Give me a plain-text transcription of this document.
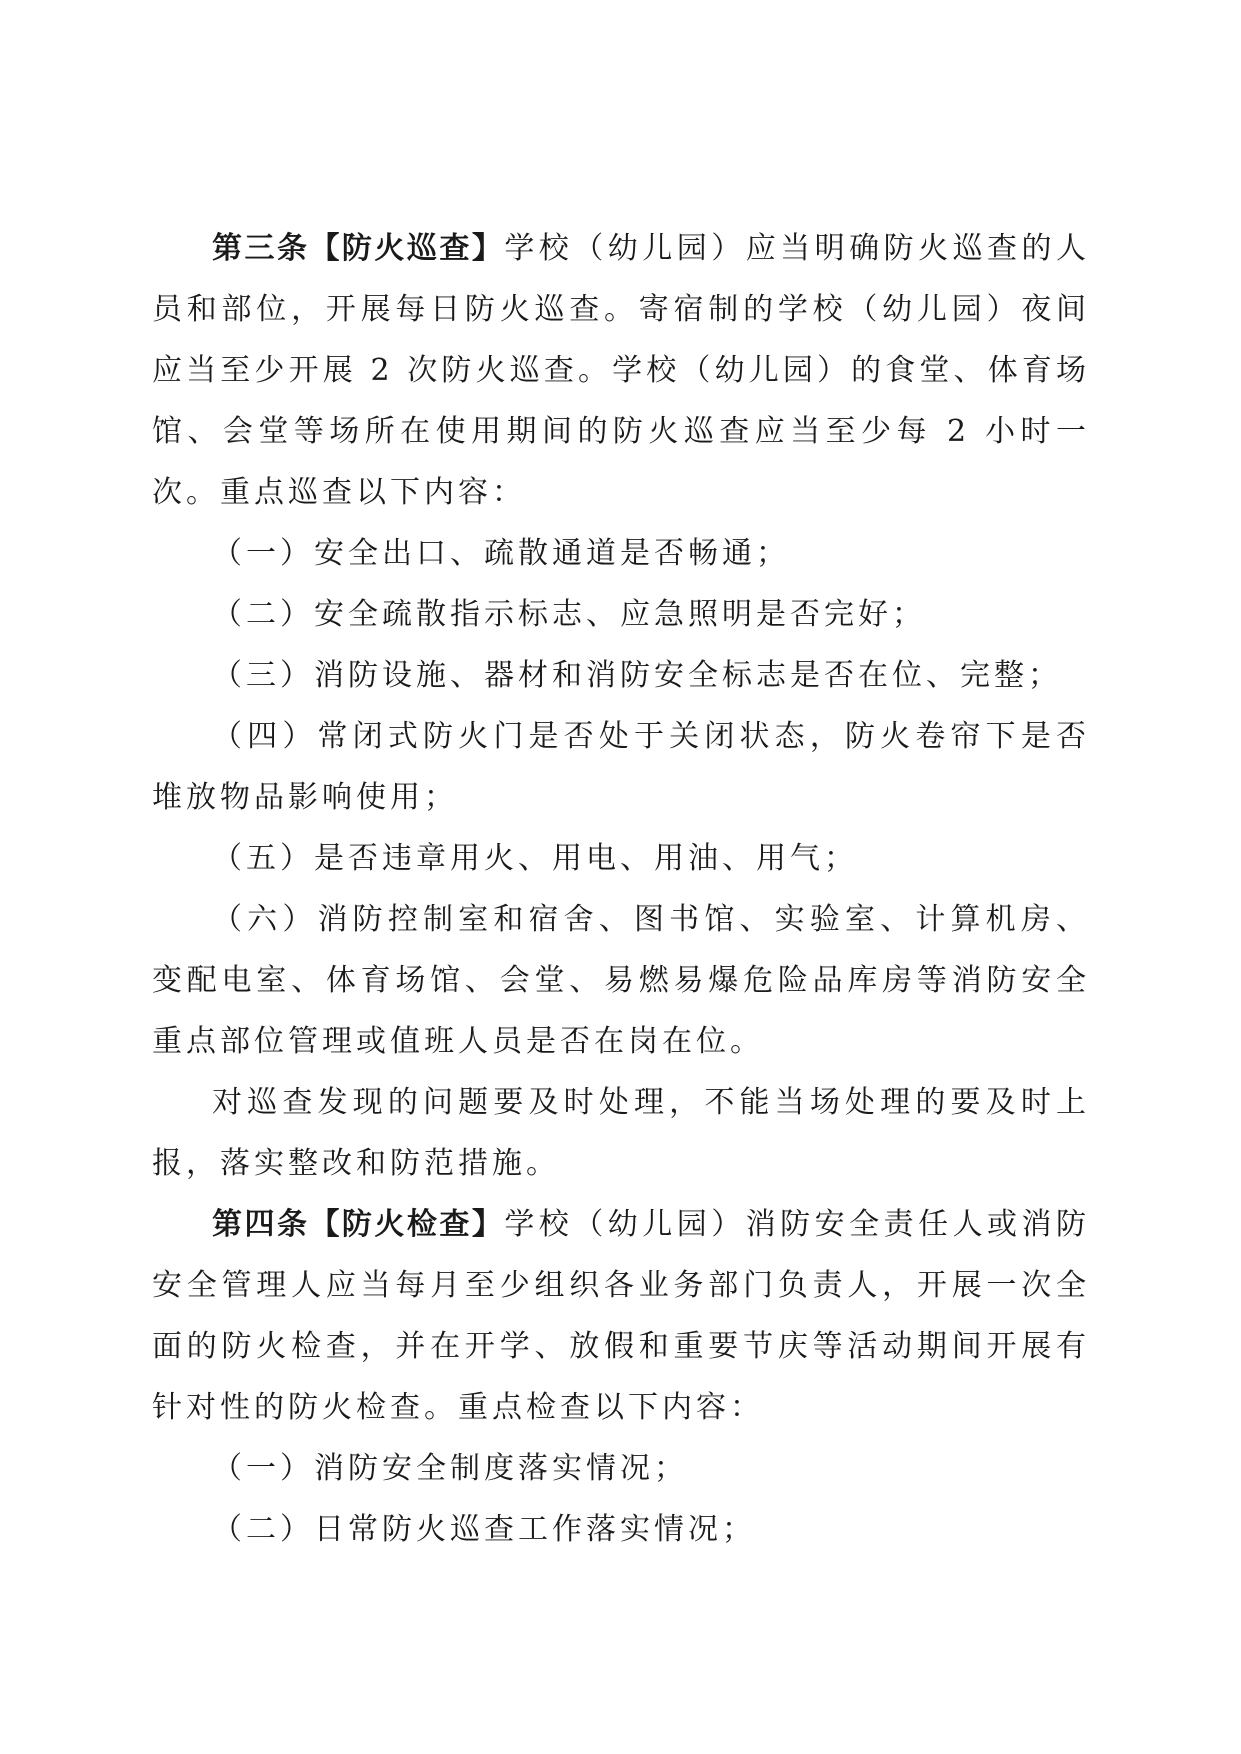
第三条【防火巡查】学校（幼儿园）应当明确防火巡查的人员和部位，开展每日防火巡查。寄宿制的学校（幼儿园）夜间应当至少开展 2 次防火巡查。学校（幼儿园）的食堂、体育场馆、会堂等场所在使用期间的防火巡查应当至少每 2 小时一次。重点巡查以下内容：

（一）安全出口、疏散通道是否畅通；

（二）安全疏散指示标志、应急照明是否完好；

（三）消防设施、器材和消防安全标志是否在位、完整；

（四）常闭式防火门是否处于关闭状态，防火卷帘下是否堆放物品影响使用；

（五）是否违章用火、用电、用油、用气；

（六）消防控制室和宿舍、图书馆、实验室、计算机房、变配电室、体育场馆、会堂、易燃易爆危险品库房等消防安全重点部位管理或值班人员是否在岗在位。

对巡查发现的问题要及时处理，不能当场处理的要及时上报，落实整改和防范措施。

第四条【防火检查】学校（幼儿园）消防安全责任人或消防安全管理人应当每月至少组织各业务部门负责人，开展一次全面的防火检查，并在开学、放假和重要节庆等活动期间开展有针对性的防火检查。重点检查以下内容：

（一）消防安全制度落实情况；

（二）日常防火巡查工作落实情况；
